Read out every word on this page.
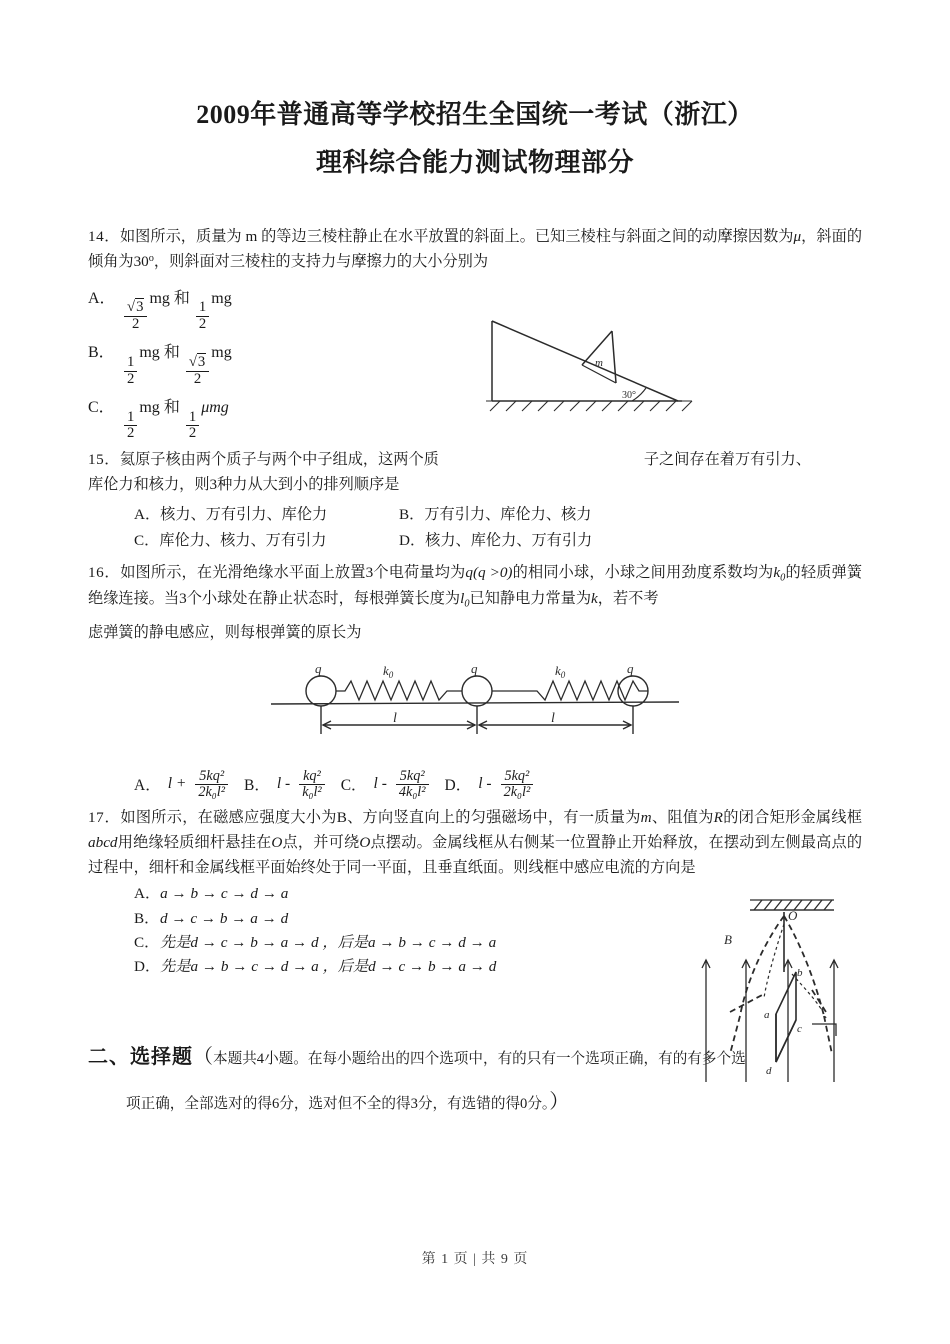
2009年普通高等学校招生全国统一考试（浙江）
理科综合能力测试物理部分
14．如图所示，质量为 m 的等边三棱柱静止在水平放置的斜面上。已知三棱柱与斜面之间的动摩擦因数为μ，斜面的倾角为30$^o$，则斜面对三棱柱的支持力与摩擦力的大小分别为
m
30°
A．
√ $\frac{3}{2}$
mg 和
$\frac{1}{2}$
mg
B．
$\frac{1}{2}$
mg 和
√ $\frac{3}{2}$
mg
C．
$\frac{1}{2}$
mg 和
$\frac{1}{2}$
μmg
15．氦原子核由两个质子与两个中子组成，这两个质	子之间存在着万有引力、
库伦力和核力，则3种力从大到小的排列顺序是
A．核力、万有引力、库伦力	B．万有引力、库伦力、核力
C．库伦力、核力、万有引力	D．核力、库伦力、万有引力
16．如图所示，在光滑绝缘水平面上放置3个电荷量均为q(q >0)的相同小球，小球之间用劲度系数均为$k_0$的轻质弹簧绝缘连接。当3个小球处在静止状态时，每根弹簧长度为$l_0$已知静电力常量为k，若不考
虑弹簧的静电感应，则每根弹簧的原长为
q	q	q
$k_0$	$k_0$
l	l
A． $l + \frac{\text{5kq²}}{\text{2k₀l²}}$ B． l - $\frac{\text{kq²}}{\text{k₀l²}}$ C． l - $\frac{\text{5kq²}}{\text{4k₀l²}}$ D． l - $\frac{\text{5kq²}}{\text{2k₀l²}}$
17．如图所示，在磁感应强度大小为B、方向竖直向上的匀强磁场中，有一质量为m、阻值为R的闭合矩形金属线框abcd用绝缘轻质细杆悬挂在O点，并可绕O点摆动。金属线框从右侧某一位置静止开始释放，在摆动到左侧最高点的过程中，细杆和金属线框平面始终处于同一平面，且垂直纸面。则线框中感应电流的方向是
O
B
a
b
c
d
A．a → b → c → d → a
B．d → c → b → a → d
C．先是d → c → b → a → d ，后是a → b → c → d → a
D．先是a → b → c → d → a ，后是d → c → b → a → d
二、选择题（本题共4小题。在每小题给出的四个选项中，有的只有一个选项正确，有的有多个选
项正确，全部选对的得6分，选对但不全的得3分，有选错的得0分。）
第 1 页 | 共 9 页
